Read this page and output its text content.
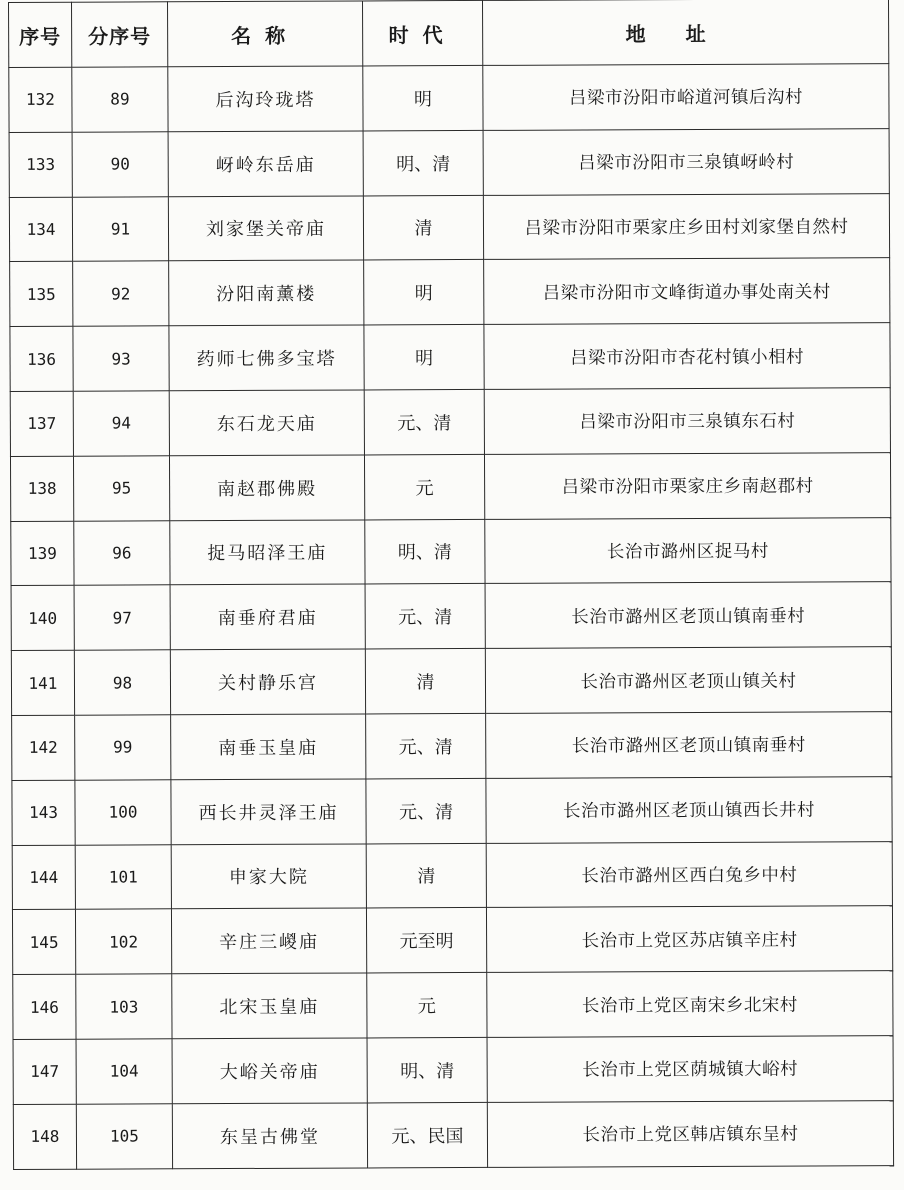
序号	分序号	名称	时代	地址
132	89	后沟玲珑塔	明	吕梁市汾阳市峪道河镇后沟村
133	90	岈岭东岳庙	明、清	吕梁市汾阳市三泉镇岈岭村
134	91	刘家堡关帝庙	清	吕梁市汾阳市栗家庄乡田村刘家堡自然村
135	92	汾阳南薰楼	明	吕梁市汾阳市文峰街道办事处南关村
136	93	药师七佛多宝塔	明	吕梁市汾阳市杏花村镇小相村
137	94	东石龙天庙	元、清	吕梁市汾阳市三泉镇东石村
138	95	南赵郡佛殿	元	吕梁市汾阳市栗家庄乡南赵郡村
139	96	捉马昭泽王庙	明、清	长治市潞州区捉马村
140	97	南垂府君庙	元、清	长治市潞州区老顶山镇南垂村
141	98	关村静乐宫	清	长治市潞州区老顶山镇关村
142	99	南垂玉皇庙	元、清	长治市潞州区老顶山镇南垂村
143	100	西长井灵泽王庙	元、清	长治市潞州区老顶山镇西长井村
144	101	申家大院	清	长治市潞州区西白兔乡中村
145	102	辛庄三嵕庙	元至明	长治市上党区苏店镇辛庄村
146	103	北宋玉皇庙	元	长治市上党区南宋乡北宋村
147	104	大峪关帝庙	明、清	长治市上党区荫城镇大峪村
148	105	东呈古佛堂	元、民国	长治市上党区韩店镇东呈村
